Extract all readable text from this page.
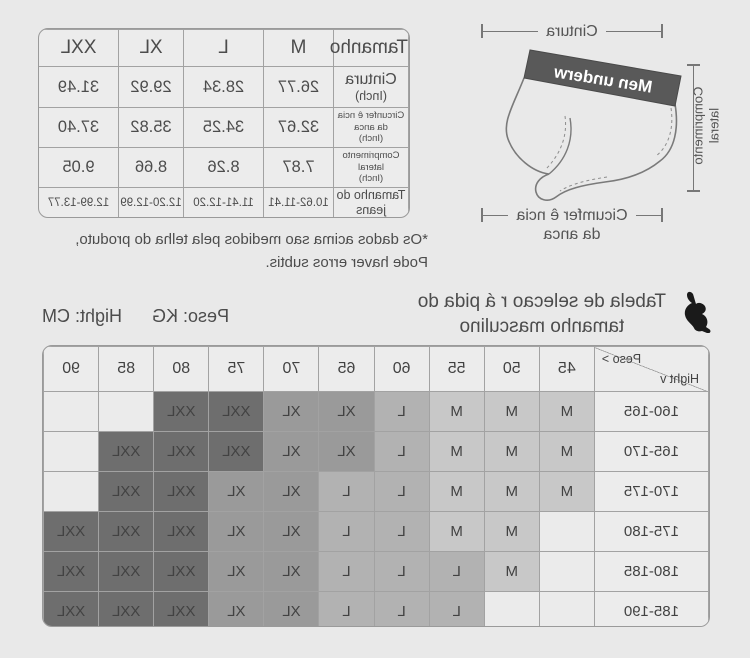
Cintura
Comprimento lateral
Men underw
Cicumfer ê ncia
da anca
Tamanho	M	L	XL	XXL

Cintura
(Inch)	26.77	28.34	29.92	31.49

Circunfer ê ncia
da anca
(Inch)	32.67	34.25	35.82	37.40

Comprimento
lateral
(Inch)	7.87	8.26	8.66	9.05

Tamanho do
jeans	10.62-11.41	11.41-12.20	12.20-12.99	12.99-13.77
*Os dados acima sao medidos pela telha do produto,
Pode haver erros subtis.
Tabela de selecao r á pida do
tamanho masculino
Peso: KG
Hight: CM
Peso >
Hight v	45	50	55	60	65	70	75	80	85	90
160-165	M	M	M	L	XL	XL	XXL	XXL		
165-170	M	M	M	L	XL	XL	XXL	XXL	XXL	
170-175	M	M	M	L	L	XL	XL	XXL	XXL	
175-180		M	M	L	L	XL	XL	XXL	XXL	XXL
180-185		M	L	L	L	XL	XL	XXL	XXL	XXL
185-190			L	L	L	XL	XL	XXL	XXL	XXL
